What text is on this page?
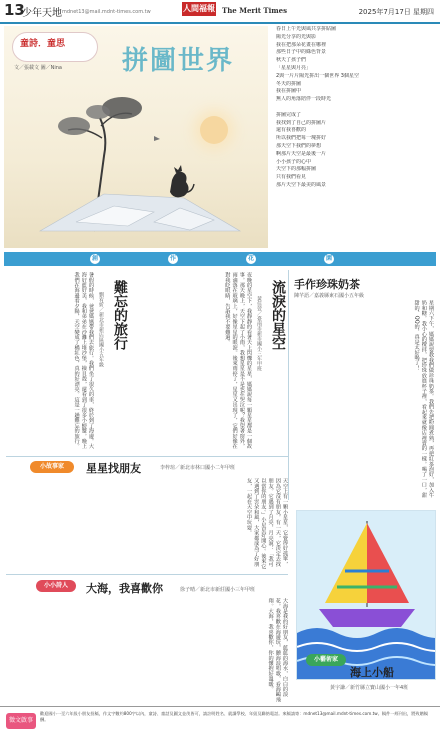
13
少年天地 mdnet13@mail.mdnt-times.com.tw	人間福報 The Merit Times	2025年7月17日 星期四
童詩．童思
文／張載文 圖／Nina 拼圖世界
春日上午光與風共享拼貼圖
陽光分享的光與影
我在把那朵花畫在哪裡
那些日子中的綠色背景
秋天了孩子們
「星星與月亮」
2與一片片陽光拼出一個世界 3個星空
冬天的拼圖
我在拼圖中
無人的角落陪伴一段時光

拼圖完成了
我找到了自己的拼圖片
還有我喜歡的
所以我們把每一塊拼好
那天空下我們的夢想
啊那片天空是最後一片
小小孩子的心中
天空下的那幅拼圖
只有我們看見
那片天空下最美的風景
創	作	花	園
手作珍珠奶茶
陳芊語／嘉義縣東石國小五年級
星期六下午，媽媽說要教我們做珍珠奶茶。我們先把粉圓煮熟，再把紅茶泡好，加入牛奶和糖。我小心的攪拌，把珍珠放進杯子裡，看起來就像店裡賣的一樣。喝了一口，甜甜的、QQ的，真是太好喝了！
流淚的星空
黃佳萱／臺南市新市國小三年甲班
夜晚的星空下，我靜靜的看著天上閃爍的星星，媽媽說每一顆星星都是一個故事。那天晚上，天空下起了小雨，我想星星是不是也在哭泣呢？我望著窗外，雨滴落在玻璃上，好像星星的眼淚。後來雨停了，星星又出現了，它們好像在對我眨眼睛，告訴我不要難過。
難忘的旅行
劉宥妡／新北市新店區國小五年級
暑假的時候，爸爸媽媽帶我們去旅行。我們坐了很久的車，終於到了海邊。大海好藍好美，我和弟弟在沙灘上堆沙堡，撿貝殼，還看到了很多小螃蟹。晚上我們在海邊看夕陽，天空變成了橘紅色，真的好漂亮。這是一趟難忘的旅行。
小故事家	星星找朋友	李梓瑄／新北市林口國小二年甲班
天空上有一顆小星星，它覺得好孤單，因為它沒有朋友。有一天，它決定去找朋友。它遇到了月亮，月亮說：「我可以當你的朋友。」小星星好開心。後來它又遇到了雲朵和風，大家都成為了好朋友，一起在天空中玩耍。
小小詩人	大海，我喜歡你	徐子晴／新北市新莊國小三年甲班
大海是我的好朋友，藍藍的海水，白白的浪花。我喜歡在海邊玩，聽海浪唱歌，看海鷗飛翔。大海，我喜歡你，你的懷抱好溫暖。	小藝術家
海上小船
黃宇謙／新竹縣立寶山國小一年4班
徵文啟事
歡迎國小一至六年級小朋友投稿，作文字數約800字以內，童詩、童話及圖文並茂皆可，請註明姓名、就讀學校、年級及聯絡電話。來稿請寄：mdnet13@mail.mdnt-times.com.tw。稿件一經刊出，將致贈稿酬。
